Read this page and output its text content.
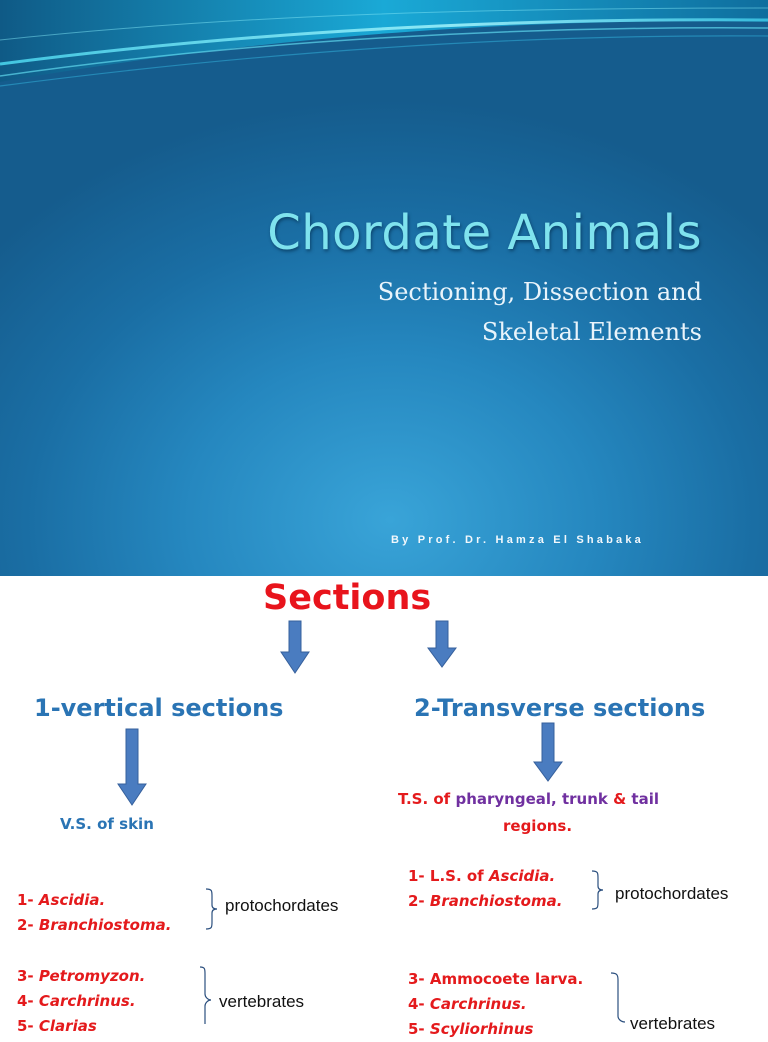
Chordate Animals
Sectioning, Dissection and
Skeletal Elements
By Prof. Dr. Hamza El Shabaka
Sections
1-vertical sections	2-Transverse sections
V.S. of skin
T.S. of pharyngeal, trunk & tail
regions.
1- Ascidia.
2- Branchiostoma.
protochordates
3- Petromyzon.
4- Carchrinus.
5- Clarias
vertebrates
1- L.S. of Ascidia.
2- Branchiostoma.	protochordates
3- Ammocoete larva.
4- Carchrinus.
5- Scyliorhinus	vertebrates
